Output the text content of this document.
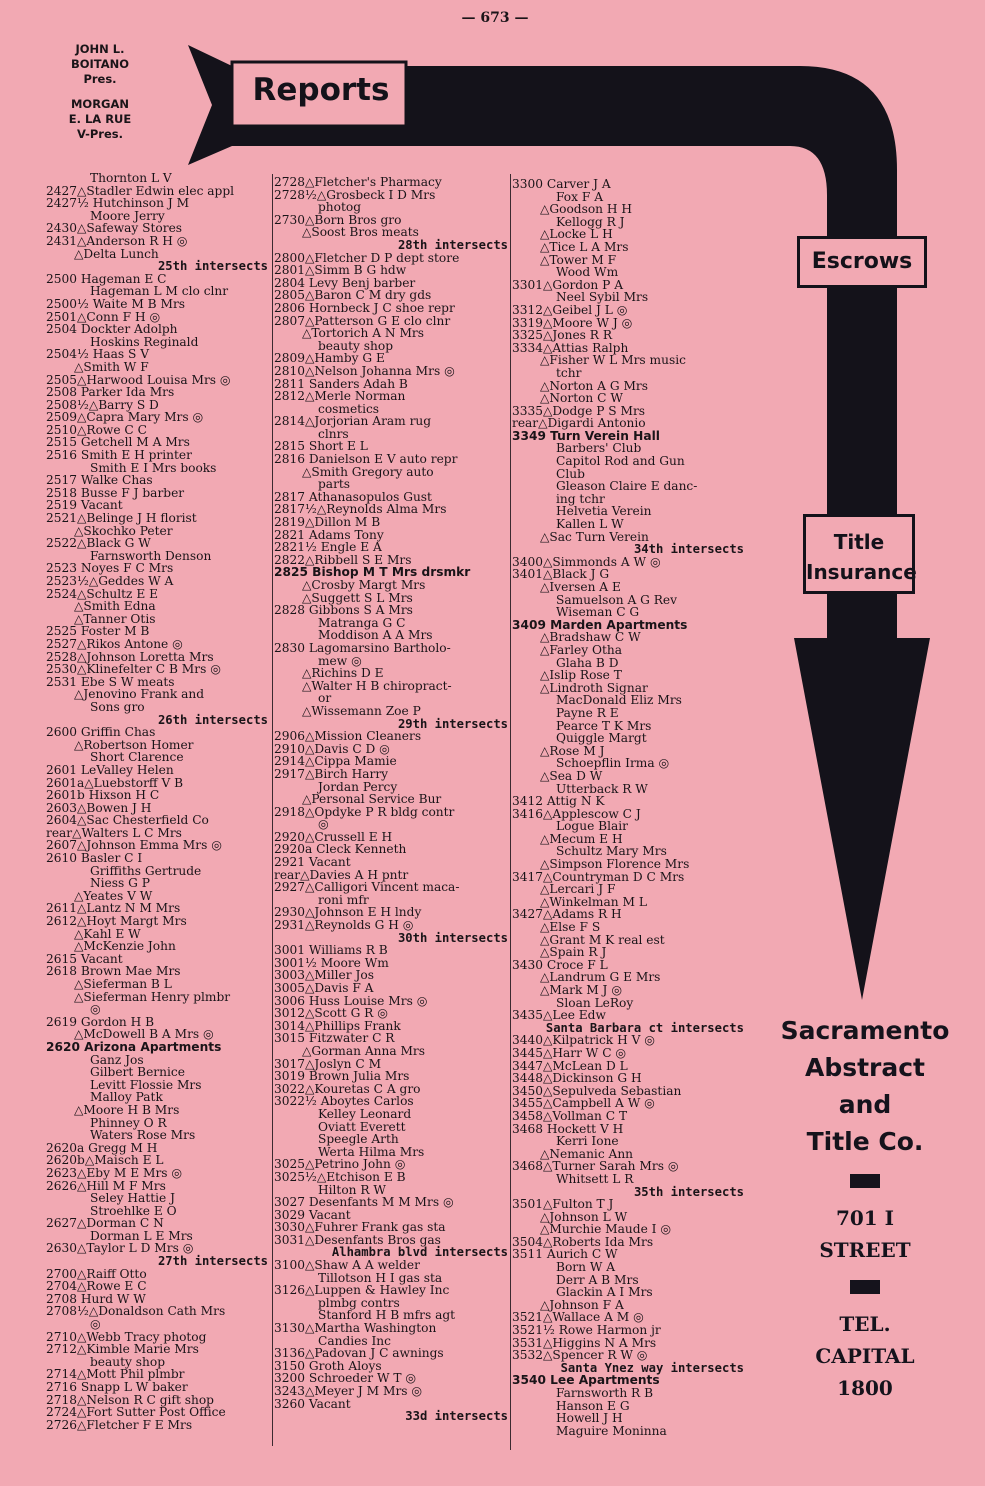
— 673 —
JOHN L.
BOITANO
Pres.
MORGAN
E. LA RUE
V-Pres.
Reports
Escrows
Title
Insurance
Sacramento
Abstract
and
Title Co.
701 I
STREET
TEL.
CAPITAL
1800
Thornton L V
2427△Stadler Edwin elec appl
2427½ Hutchinson J M
Moore Jerry
2430△Safeway Stores
2431△Anderson R H ◎
△Delta Lunch
25th intersects
2500 Hageman E C
Hageman L M clo clnr
2500½ Waite M B Mrs
2501△Conn F H ◎
2504 Dockter Adolph
Hoskins Reginald
2504½ Haas S V
△Smith W F
2505△Harwood Louisa Mrs ◎
2508 Parker Ida Mrs
2508½△Barry S D
2509△Capra Mary Mrs ◎
2510△Rowe C C
2515 Getchell M A Mrs
2516 Smith E H printer
Smith E I Mrs books
2517 Walke Chas
2518 Busse F J barber
2519 Vacant
2521△Belinge J H florist
△Skochko Peter
2522△Black G W
Farnsworth Denson
2523 Noyes F C Mrs
2523½△Geddes W A
2524△Schultz E E
△Smith Edna
△Tanner Otis
2525 Foster M B
2527△Rikos Antone ◎
2528△Johnson Loretta Mrs
2530△Klinefelter C B Mrs ◎
2531 Ebe S W meats
△Jenovino Frank and
Sons gro
26th intersects
2600 Griffin Chas
△Robertson Homer
Short Clarence
2601 LeValley Helen
2601a△Luebstorff V B
2601b Hixson H C
2603△Bowen J H
2604△Sac Chesterfield Co
rear△Walters L C Mrs
2607△Johnson Emma Mrs ◎
2610 Basler C I
Griffiths Gertrude
Niess G P
△Yeates V W
2611△Lantz N M Mrs
2612△Hoyt Margt Mrs
△Kahl E W
△McKenzie John
2615 Vacant
2618 Brown Mae Mrs
△Sieferman B L
△Sieferman Henry plmbr
◎
2619 Gordon H B
△McDowell B A Mrs ◎
2620 Arizona Apartments
Ganz Jos
Gilbert Bernice
Levitt Flossie Mrs
Malloy Patk
△Moore H B Mrs
Phinney O R
Waters Rose Mrs
2620a Gregg M H
2620b△Maisch E L
2623△Eby M E Mrs ◎
2626△Hill M F Mrs
Seley Hattie J
Stroehlke E O
2627△Dorman C N
Dorman L E Mrs
2630△Taylor L D Mrs ◎
27th intersects
2700△Raiff Otto
2704△Rowe E C
2708 Hurd W W
2708½△Donaldson Cath Mrs
◎
2710△Webb Tracy photog
2712△Kimble Marie Mrs
beauty shop
2714△Mott Phil plmbr
2716 Snapp L W baker
2718△Nelson R C gift shop
2724△Fort Sutter Post Office
2726△Fletcher F E Mrs
2728△Fletcher's Pharmacy
2728½△Grosbeck I D Mrs
photog
2730△Born Bros gro
△Soost Bros meats
28th intersects
2800△Fletcher D P dept store
2801△Simm B G hdw
2804 Levy Benj barber
2805△Baron C M dry gds
2806 Hornbeck J C shoe repr
2807△Patterson G E clo clnr
△Tortorich A N Mrs
beauty shop
2809△Hamby G E
2810△Nelson Johanna Mrs ◎
2811 Sanders Adah B
2812△Merle Norman
cosmetics
2814△Jorjorian Aram rug
clnrs
2815 Short E L
2816 Danielson E V auto repr
△Smith Gregory auto
parts
2817 Athanasopulos Gust
2817½△Reynolds Alma Mrs
2819△Dillon M B
2821 Adams Tony
2821½ Engle E A
2822△Ribbell S E Mrs
2825 Bishop M T Mrs drsmkr
△Crosby Margt Mrs
△Suggett S L Mrs
2828 Gibbons S A Mrs
Matranga G C
Moddison A A Mrs
2830 Lagomarsino Bartholo-
mew ◎
△Richins D E
△Walter H B chiropract-
or
△Wissemann Zoe P
29th intersects
2906△Mission Cleaners
2910△Davis C D ◎
2914△Cippa Mamie
2917△Birch Harry
Jordan Percy
△Personal Service Bur
2918△Opdyke P R bldg contr
◎
2920△Crussell E H
2920a Cleck Kenneth
2921 Vacant
rear△Davies A H pntr
2927△Calligori Vincent maca-
roni mfr
2930△Johnson E H lndy
2931△Reynolds G H ◎
30th intersects
3001 Williams R B
3001½ Moore Wm
3003△Miller Jos
3005△Davis F A
3006 Huss Louise Mrs ◎
3012△Scott G R ◎
3014△Phillips Frank
3015 Fitzwater C R
△Gorman Anna Mrs
3017△Joslyn C M
3019 Brown Julia Mrs
3022△Kouretas C A gro
3022½ Aboytes Carlos
Kelley Leonard
Oviatt Everett
Speegle Arth
Werta Hilma Mrs
3025△Petrino John ◎
3025½△Etchison E B
Hilton R W
3027 Desenfants M M Mrs ◎
3029 Vacant
3030△Fuhrer Frank gas sta
3031△Desenfants Bros gas
Alhambra blvd intersects
3100△Shaw A A welder
Tillotson H I gas sta
3126△Luppen & Hawley Inc
plmbg contrs
Stanford H B mfrs agt
3130△Martha Washington
Candies Inc
3136△Padovan J C awnings
3150 Groth Aloys
3200 Schroeder W T ◎
3243△Meyer J M Mrs ◎
3260 Vacant
33d intersects
3300 Carver J A
Fox F A
△Goodson H H
Kellogg R J
△Locke L H
△Tice L A Mrs
△Tower M F
Wood Wm
3301△Gordon P A
Neel Sybil Mrs
3312△Geibel J L ◎
3319△Moore W J ◎
3325△Jones R R
3334△Attias Ralph
△Fisher W L Mrs music
tchr
△Norton A G Mrs
△Norton C W
3335△Dodge P S Mrs
rear△Digardi Antonio
3349 Turn Verein Hall
Barbers' Club
Capitol Rod and Gun
Club
Gleason Claire E danc-
ing tchr
Helvetia Verein
Kallen L W
△Sac Turn Verein
34th intersects
3400△Simmonds A W ◎
3401△Black J G
△Iversen A E
Samuelson A G Rev
Wiseman C G
3409 Marden Apartments
△Bradshaw C W
△Farley Otha
Glaha B D
△Islip Rose T
△Lindroth Signar
MacDonald Eliz Mrs
Payne R E
Pearce T K Mrs
Quiggle Margt
△Rose M J
Schoepflin Irma ◎
△Sea D W
Utterback R W
3412 Attig N K
3416△Applescow C J
Logue Blair
△Mecum E H
Schultz Mary Mrs
△Simpson Florence Mrs
3417△Countryman D C Mrs
△Lercari J F
△Winkelman M L
3427△Adams R H
△Else F S
△Grant M K real est
△Spain R J
3430 Croce F L
△Landrum G E Mrs
△Mark M J ◎
Sloan LeRoy
3435△Lee Edw
Santa Barbara ct intersects
3440△Kilpatrick H V ◎
3445△Harr W C ◎
3447△McLean D L
3448△Dickinson G H
3450△Sepulveda Sebastian
3455△Campbell A W ◎
3458△Vollman C T
3468 Hockett V H
Kerri Ione
△Nemanic Ann
3468△Turner Sarah Mrs ◎
Whitsett L R
35th intersects
3501△Fulton T J
△Johnson L W
△Murchie Maude I ◎
3504△Roberts Ida Mrs
3511 Aurich C W
Born W A
Derr A B Mrs
Glackin A I Mrs
△Johnson F A
3521△Wallace A M ◎
3521½ Rowe Harmon jr
3531△Higgins N A Mrs
3532△Spencer R W ◎
Santa Ynez way intersects
3540 Lee Apartments
Farnsworth R B
Hanson E G
Howell J H
Maguire Moninna
